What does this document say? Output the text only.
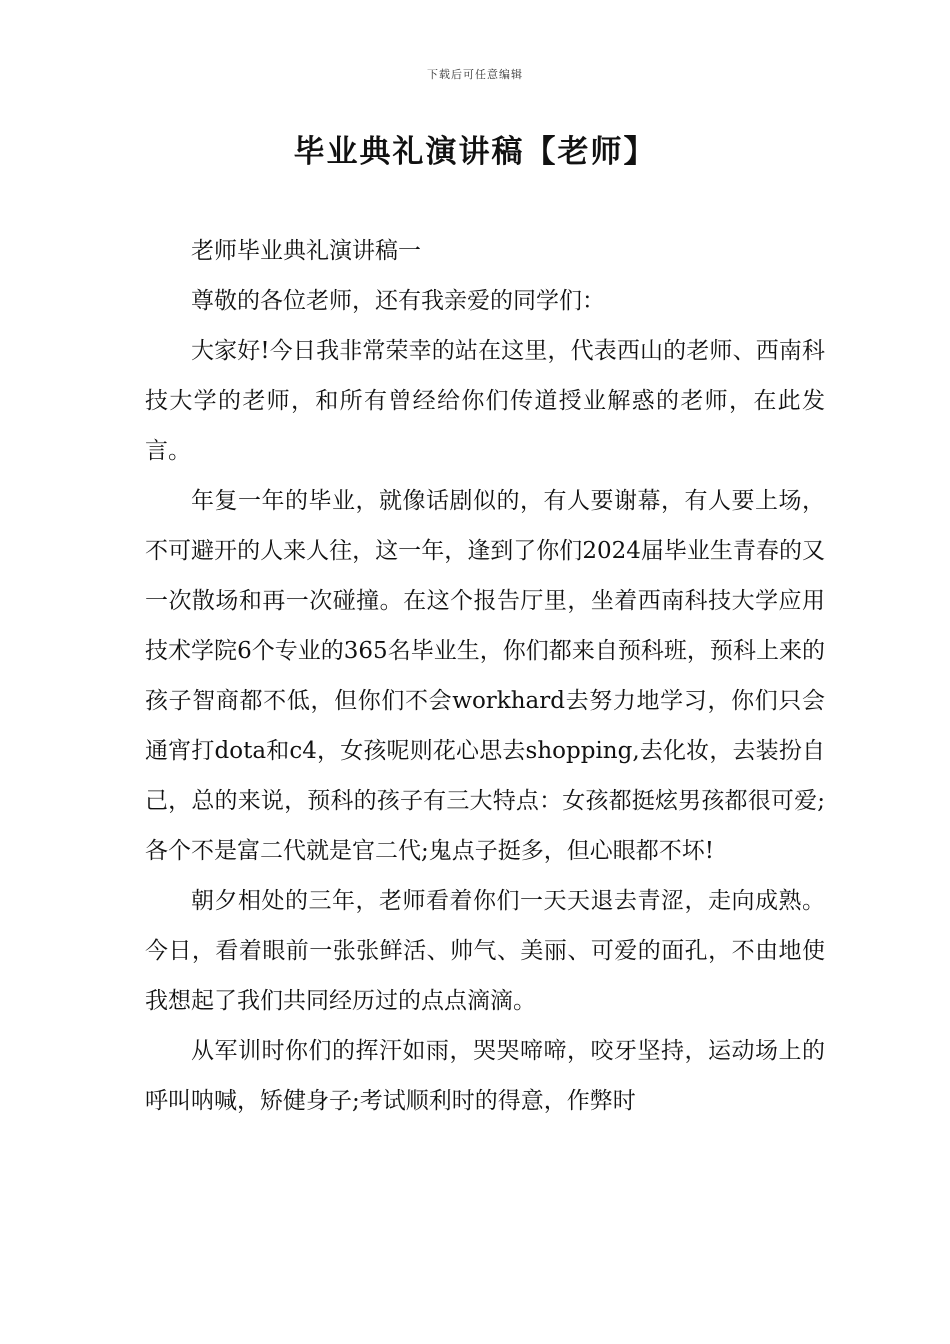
下载后可任意编辑
毕业典礼演讲稿【老师】

老师毕业典礼演讲稿一

尊敬的各位老师，还有我亲爱的同学们：

大家好!今日我非常荣幸的站在这里，代表西山的老师、西南科技大学的老师，和所有曾经给你们传道授业解惑的老师，在此发言。

年复一年的毕业，就像话剧似的，有人要谢幕，有人要上场，不可避开的人来人往，这一年，逢到了你们2024届毕业生青春的又一次散场和再一次碰撞。在这个报告厅里，坐着西南科技大学应用技术学院6个专业的365名毕业生，你们都来自预科班，预科上来的孩子智商都不低，但你们不会workhard去努力地学习，你们只会通宵打dota和c4，女孩呢则花心思去shopping,去化妆，去装扮自己，总的来说，预科的孩子有三大特点：女孩都挺炫男孩都很可爱;各个不是富二代就是官二代;鬼点子挺多，但心眼都不坏!

朝夕相处的三年，老师看着你们一天天退去青涩，走向成熟。今日，看着眼前一张张鲜活、帅气、美丽、可爱的面孔，不由地使我想起了我们共同经历过的点点滴滴。

从军训时你们的挥汗如雨，哭哭啼啼，咬牙坚持，运动场上的呼叫呐喊，矫健身子;考试顺利时的得意，作弊时
